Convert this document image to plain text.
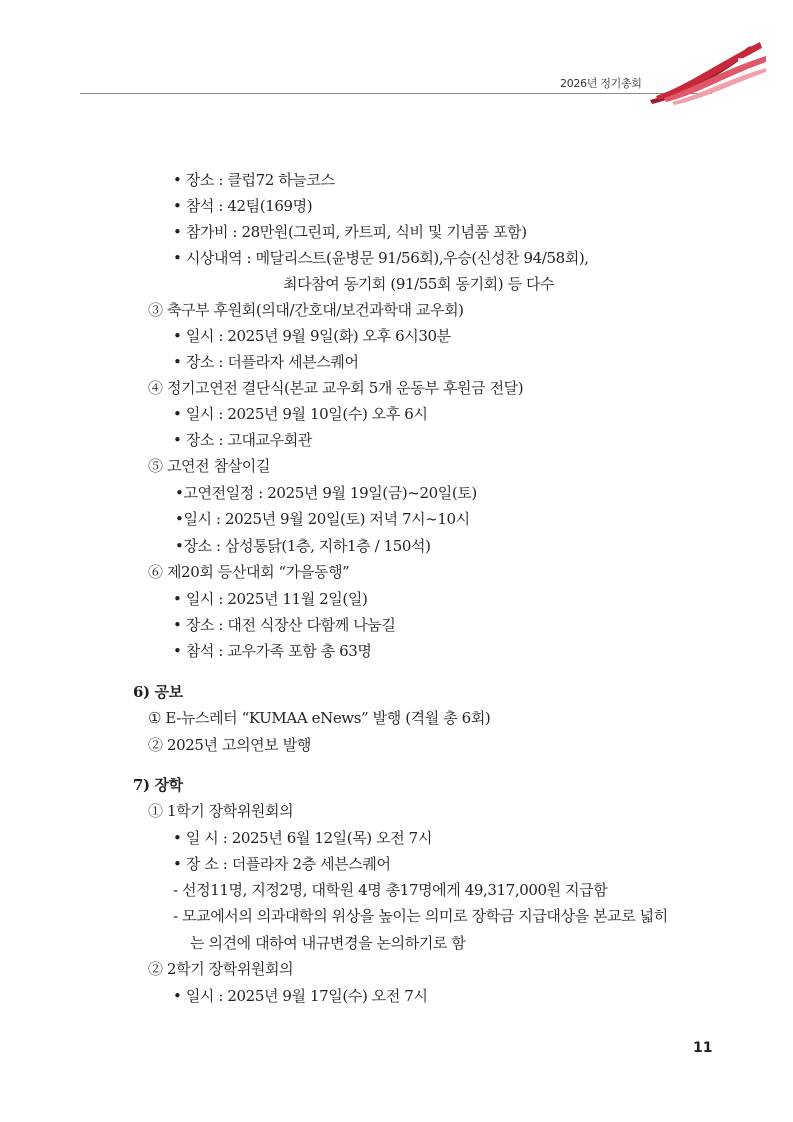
2026년 정기총회
• 장소 : 클럽72 하늘코스
• 참석 : 42팀(169명)
• 참가비 : 28만원(그린피, 카트피, 식비 및 기념품 포함)
• 시상내역 : 메달리스트(윤병문 91/56회),우승(신성찬 94/58회),
최다참여 동기회 (91/55회 동기회) 등 다수
③ 축구부 후원회(의대/간호대/보건과학대 교우회)
• 일시 : 2025년 9월 9일(화) 오후 6시30분
• 장소 : 더플라자 세븐스퀘어
④ 정기고연전 결단식(본교 교우회 5개 운동부 후원금 전달)
• 일시 : 2025년 9월 10일(수) 오후 6시
• 장소 : 고대교우회관
⑤ 고연전 참살이길
•고연전일정 : 2025년 9월 19일(금)~20일(토)
•일시 : 2025년 9월 20일(토) 저녁 7시~10시
•장소 : 삼성통닭(1층, 지하1층 / 150석)
⑥ 제20회 등산대회 “가을동행”
• 일시 : 2025년 11월 2일(일)
• 장소 : 대전 식장산 다함께 나눔길
• 참석 : 교우가족 포함 총 63명
6) 공보
① E-뉴스레터 “KUMAA eNews” 발행 (격월 총 6회)
② 2025년 고의연보 발행
7) 장학
① 1학기 장학위원회의
• 일 시 : 2025년 6월 12일(목) 오전 7시
• 장 소 : 더플라자 2층 세븐스퀘어
- 선정11명, 지정2명, 대학원 4명 총17명에게 49,317,000원 지급함
- 모교에서의 의과대학의 위상을 높이는 의미로 장학금 지급대상을 본교로 넓히
는 의견에 대하여 내규변경을 논의하기로 함
② 2학기 장학위원회의
• 일시 : 2025년 9월 17일(수) 오전 7시
11
